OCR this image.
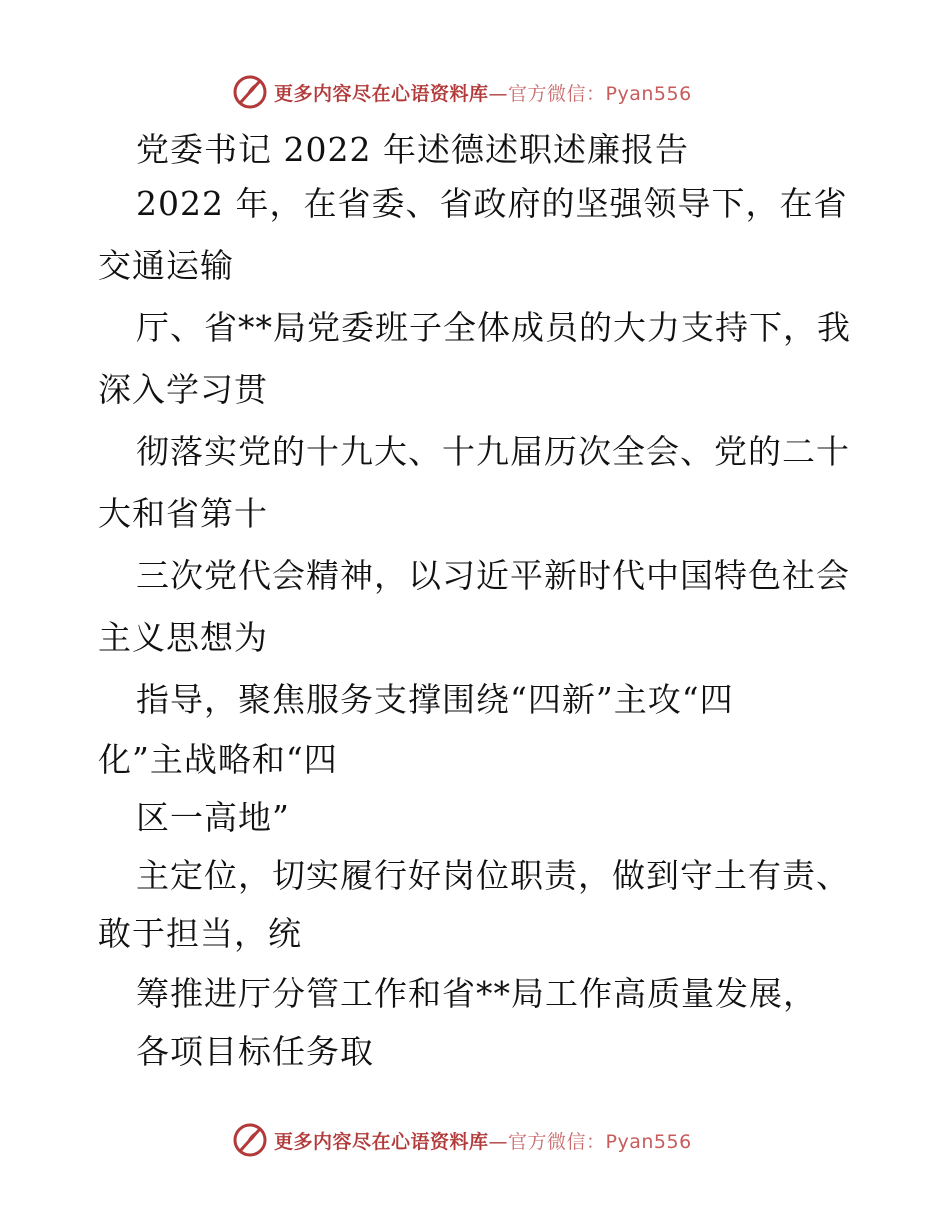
更多内容尽在心语资料库—官方微信：Pyan556

党委书记 2022 年述德述职述廉报告

2022 年，在省委、省政府的坚强领导下，在省

交通运输

厅、省**局党委班子全体成员的大力支持下，我

深入学习贯

彻落实党的十九大、十九届历次全会、党的二十

大和省第十

三次党代会精神，以习近平新时代中国特色社会

主义思想为

指导，聚焦服务支撑围绕“四新”主攻“四

化”主战略和“四

区一高地”

主定位，切实履行好岗位职责，做到守土有责、

敢于担当，统

筹推进厅分管工作和省**局工作高质量发展，

各项目标任务取

更多内容尽在心语资料库—官方微信：Pyan556
